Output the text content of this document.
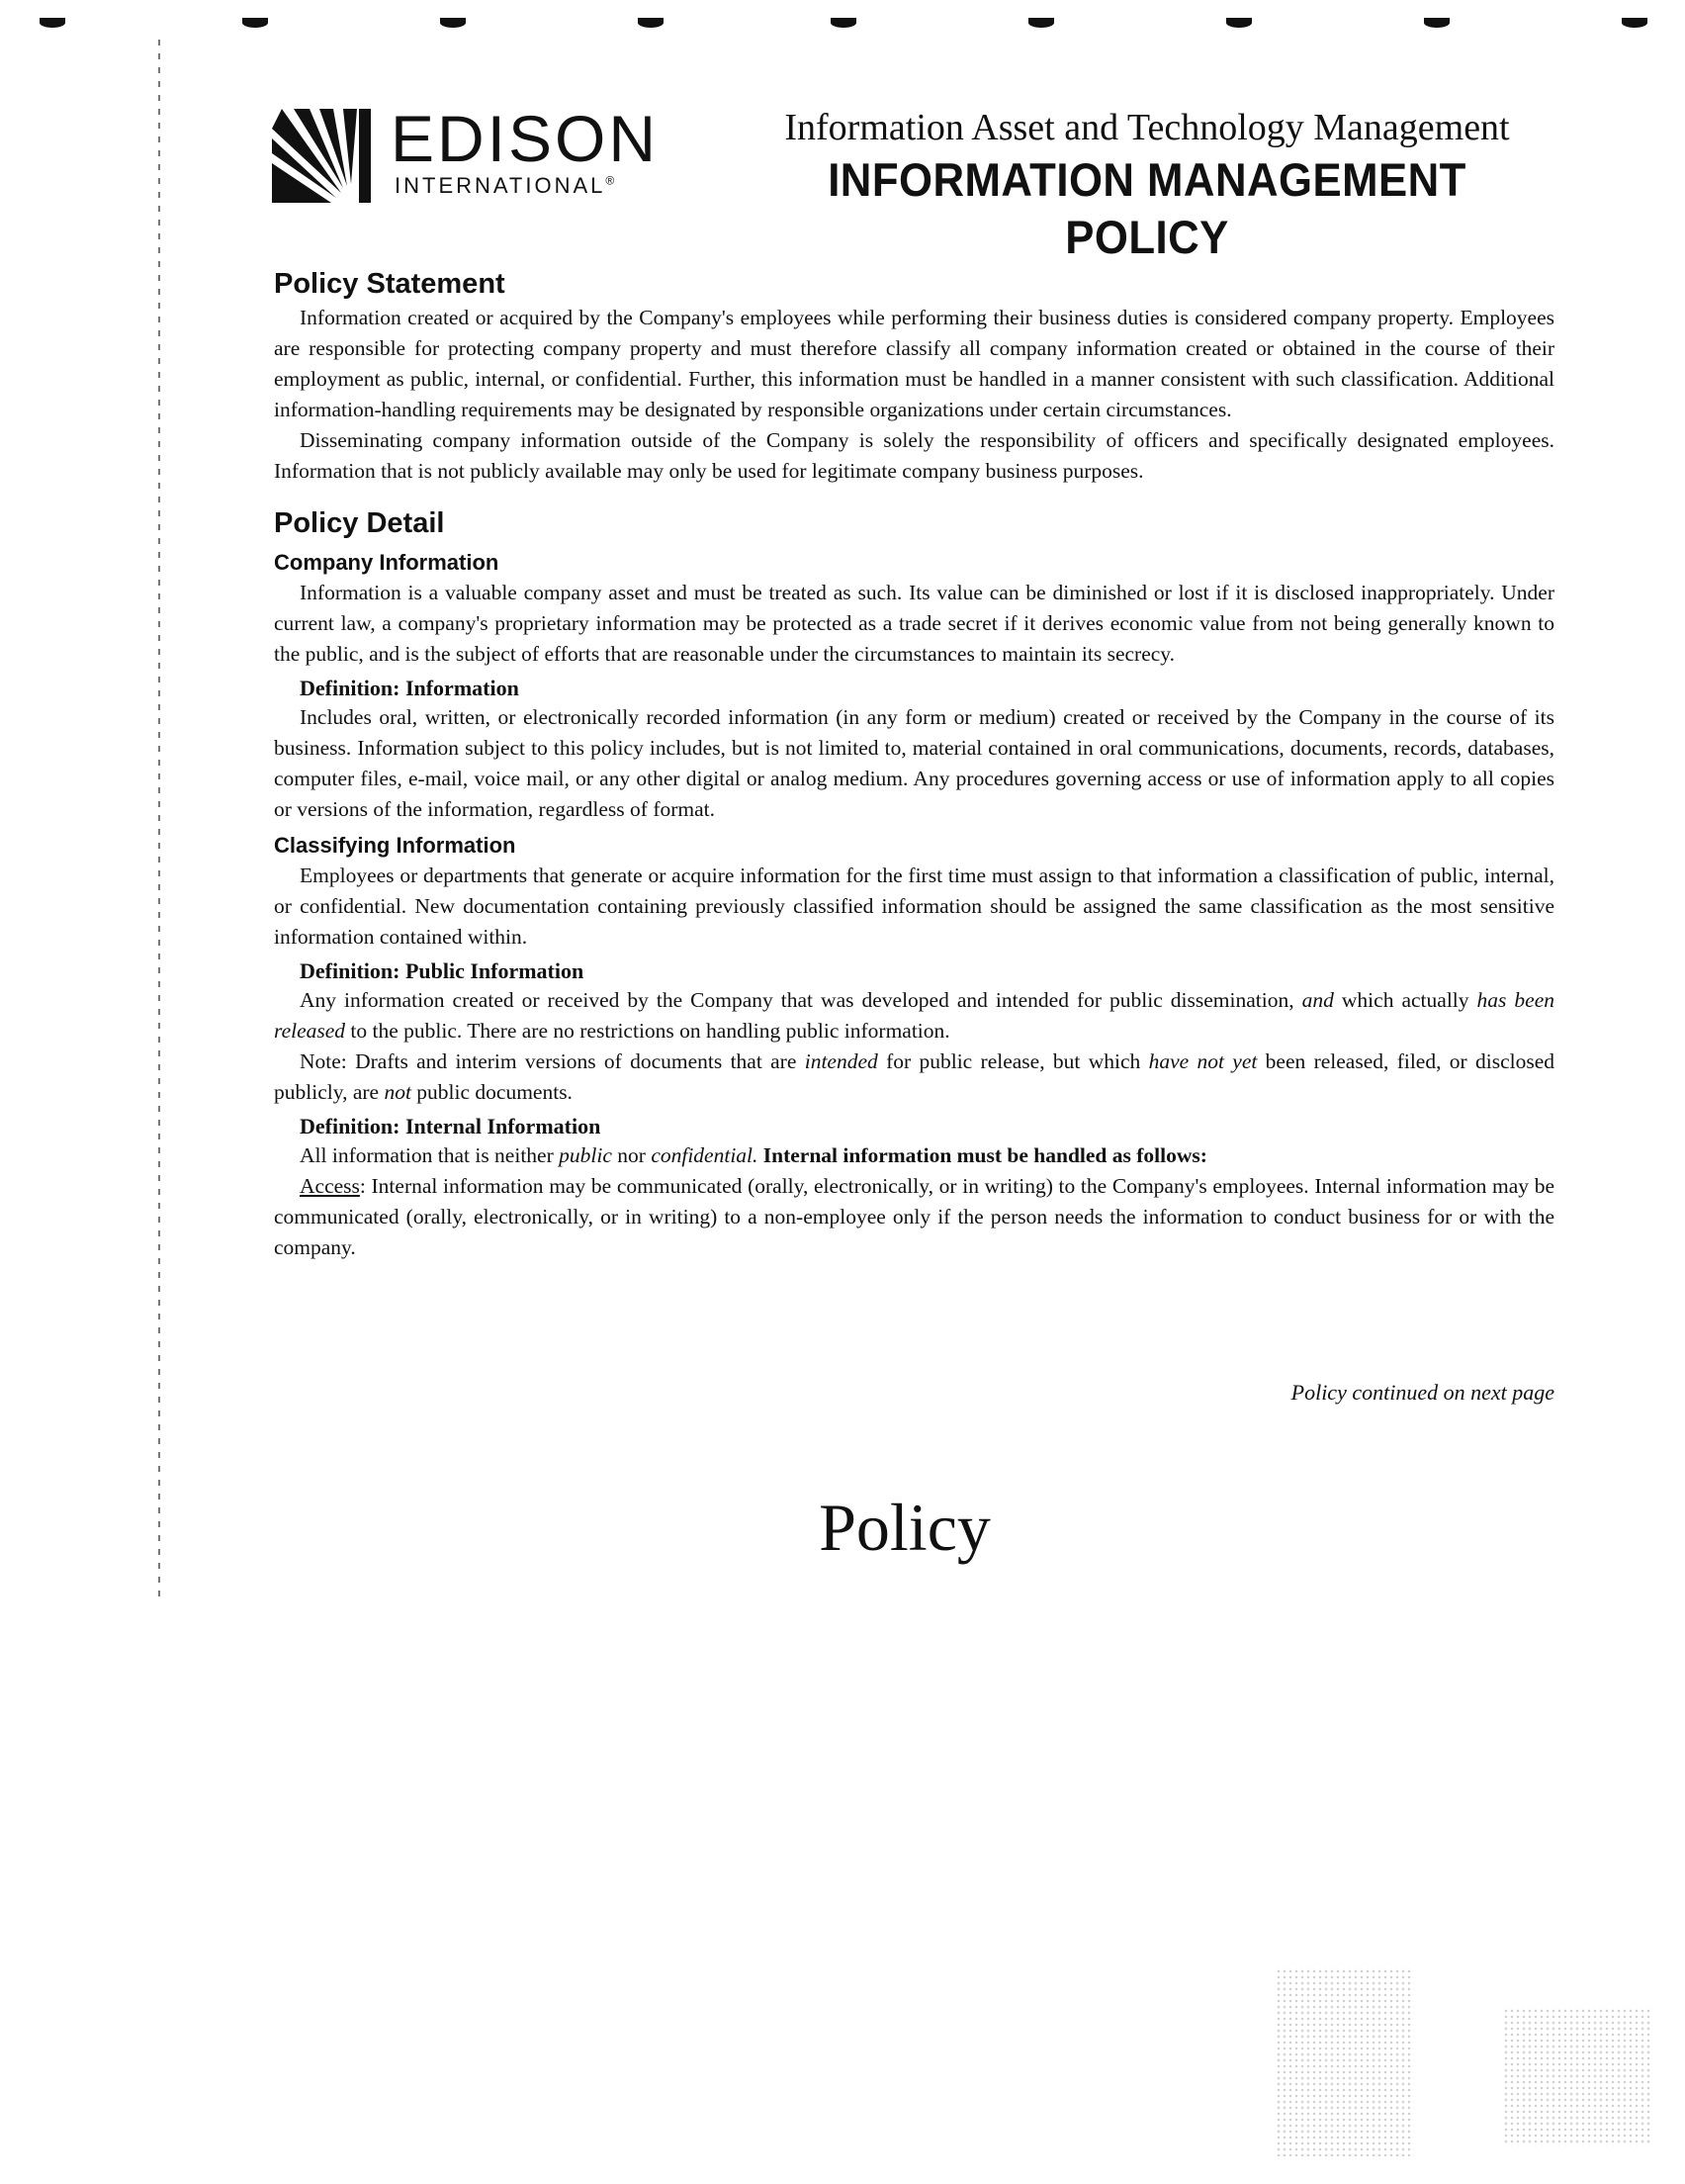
EDISON
INTERNATIONAL®
Information Asset and Technology Management
INFORMATION MANAGEMENT POLICY
Policy Statement

Information created or acquired by the Company's employees while performing their business duties is considered company property. Employees are responsible for protecting company property and must therefore classify all company information created or obtained in the course of their employment as public, internal, or confidential. Further, this information must be handled in a manner consistent with such classification. Additional information-handling requirements may be designated by responsible organizations under certain circumstances.

Disseminating company information outside of the Company is solely the responsibility of officers and specifically designated employees. Information that is not publicly available may only be used for legitimate company business purposes.

Policy Detail
Company Information

Information is a valuable company asset and must be treated as such. Its value can be diminished or lost if it is disclosed inappropriately. Under current law, a company's proprietary information may be protected as a trade secret if it derives economic value from not being generally known to the public, and is the subject of efforts that are reasonable under the circumstances to maintain its secrecy.

Definition: Information

Includes oral, written, or electronically recorded information (in any form or medium) created or received by the Company in the course of its business. Information subject to this policy includes, but is not limited to, material contained in oral communications, documents, records, databases, computer files, e-mail, voice mail, or any other digital or analog medium. Any procedures governing access or use of information apply to all copies or versions of the information, regardless of format.

Classifying Information

Employees or departments that generate or acquire information for the first time must assign to that information a classification of public, internal, or confidential. New documentation containing previously classified information should be assigned the same classification as the most sensitive information contained within.

Definition: Public Information

Any information created or received by the Company that was developed and intended for public dissemination, and which actually has been released to the public. There are no restrictions on handling public information.

Note: Drafts and interim versions of documents that are intended for public release, but which have not yet been released, filed, or disclosed publicly, are not public documents.

Definition: Internal Information

All information that is neither public nor confidential. Internal information must be handled as follows:

Access: Internal information may be communicated (orally, electronically, or in writing) to the Company's employees. Internal information may be communicated (orally, electronically, or in writing) to a non-employee only if the person needs the information to conduct business for or with the company.

Policy continued on next page
Policy
